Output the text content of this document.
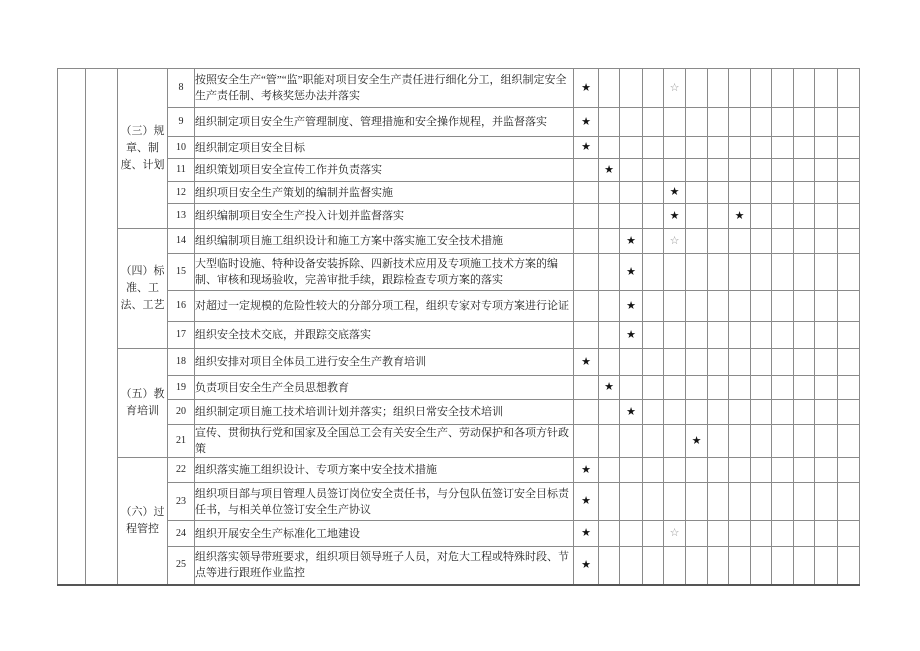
		（三）规章、制度、计划	8	按照安全生产“管”“监”职能对项目安全生产责任进行细化分工，组织制定安全生产责任制、考核奖惩办法并落实	★				☆								
			9	组织制定项目安全生产管理制度、管理措施和安全操作规程，并监督落实	★												
			10	组织制定项目安全目标	★												
			11	组织策划项目安全宣传工作并负责落实		★											
			12	组织项目安全生产策划的编制并监督实施					★								
			13	组织编制项目安全生产投入计划并监督落实					★			★					
		（四）标准、工法、工艺	14	组织编制项目施工组织设计和施工方案中落实施工安全技术措施			★		☆								
			15	大型临时设施、特种设备安装拆除、四新技术应用及专项施工技术方案的编制、审核和现场验收，完善审批手续，跟踪检查专项方案的落实			★										
			16	对超过一定规模的危险性较大的分部分项工程，组织专家对专项方案进行论证			★										
			17	组织安全技术交底，并跟踪交底落实			★										
		（五）教育培训	18	组织安排对项目全体员工进行安全生产教育培训	★												
			19	负责项目安全生产全员思想教育		★											
			20	组织制定项目施工技术培训计划并落实；组织日常安全技术培训			★										
			21	宣传、贯彻执行党和国家及全国总工会有关安全生产、劳动保护和各项方针政策						★							
		（六）过程管控	22	组织落实施工组织设计、专项方案中安全技术措施	★												
			23	组织项目部与项目管理人员签订岗位安全责任书，与分包队伍签订安全目标责任书，与相关单位签订安全生产协议	★												
			24	组织开展安全生产标准化工地建设	★				☆								
			25	组织落实领导带班要求，组织项目领导班子人员，对危大工程或特殊时段、节点等进行跟班作业监控	★												
